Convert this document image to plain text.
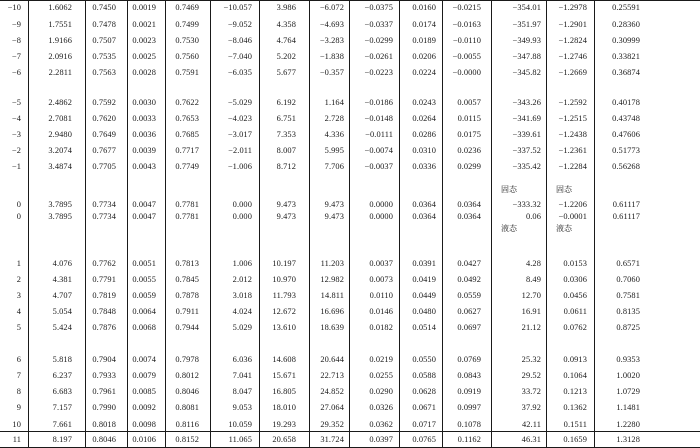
−10	1.6062 0.7450 0.0019 0.7469	−10.057	3.986	−6.072 −0.0375 0.0160 −0.0215	−354.01 −1.2978	0.25591
−9	1.7551 0.7478 0.0021 0.7499	−9.052	4.358	−4.693 −0.0337 0.0174 −0.0163	−351.97 −1.2901	0.28360
−8	1.9166 0.7507 0.0023 0.7530	−8.046	4.764	−3.283 −0.0299 0.0189 −0.0110	−349.93 −1.2824	0.30999
−7	2.0916 0.7535 0.0025 0.7560	−7.040	5.202	−1.838 −0.0261 0.0206 −0.0055	−347.88 −1.2746	0.33821
−6	2.2811 0.7563 0.0028 0.7591	−6.035	5.677	−0.357 −0.0223 0.0224 −0.0000	−345.82 −1.2669	0.36874
−5	2.4862 0.7592 0.0030 0.7622	−5.029	6.192	1.164 −0.0186 0.0243	0.0057	−343.26 −1.2592	0.40178
−4	2.7081 0.7620 0.0033 0.7653	−4.023	6.751	2.728 −0.0148 0.0264	0.0115	−341.69 −1.2515	0.43748
−3	2.9480 0.7649 0.0036 0.7685	−3.017	7.353	4.336	−0.0111 0.0286	0.0175	−339.61 −1.2438	0.47606
−2	3.2074 0.7677 0.0039 0.7717	−2.011	8.007	5.995 −0.0074 0.0310	0.0236	−337.52 −1.2361	0.51773
−1	3.4874 0.7705 0.0043 0.7749	−1.006	8.712	7.706 −0.0037 0.0336	0.0299	−335.42 −1.2284	0.56268
0	3.7895 0.7734 0.0047 0.7781	0.000	9.473	9.473	0.0000 0.0364	0.0364	−333.32 −1.2206	0.61117
0	3.7895 0.7734 0.0047 0.7781	0.000	9.473	9.473	0.0000 0.0364	0.0364	0.06 −0.0001	0.61117
固态	固态
液态	液态
1	4.076 0.7762 0.0051 0.7813	1.006 10.197	11.203	0.0037 0.0391	0.0427	4.28	0.0153	0.6571
2	4.381 0.7791 0.0055 0.7845	2.012 10.970	12.982	0.0073 0.0419	0.0492	8.49	0.0306	0.7060
3	4.707 0.7819 0.0059 0.7878	3.018 11.793	14.811	0.0110 0.0449	0.0559	12.70	0.0456	0.7581
4	5.054 0.7848 0.0064 0.7911	4.024 12.672	16.696	0.0146 0.0480	0.0627	16.91	0.0611	0.8135
5	5.424 0.7876 0.0068 0.7944	5.029 13.610	18.639	0.0182 0.0514	0.0697	21.12	0.0762	0.8725
6	5.818 0.7904 0.0074 0.7978	6.036 14.608	20.644	0.0219 0.0550	0.0769	25.32	0.0913	0.9353
7	6.237 0.7933 0.0079 0.8012	7.041 15.671	22.713	0.0255 0.0588	0.0843	29.52	0.1064	1.0020
8	6.683 0.7961 0.0085 0.8046	8.047 16.805	24.852	0.0290 0.0628	0.0919	33.72	0.1213	1.0729
9	7.157 0.7990 0.0092 0.8081	9.053 18.010	27.064	0.0326 0.0671	0.0997	37.92	0.1362	1.1481
10	7.661 0.8018 0.0098 0.8116	10.059 19.293	29.352	0.0362 0.0717	0.1078	42.11	0.1511	1.2280
11	8.197 0.8046 0.0106 0.8152	11.065 20.658	31.724	0.0397 0.0765	0.1162	46.31	0.1659	1.3128
